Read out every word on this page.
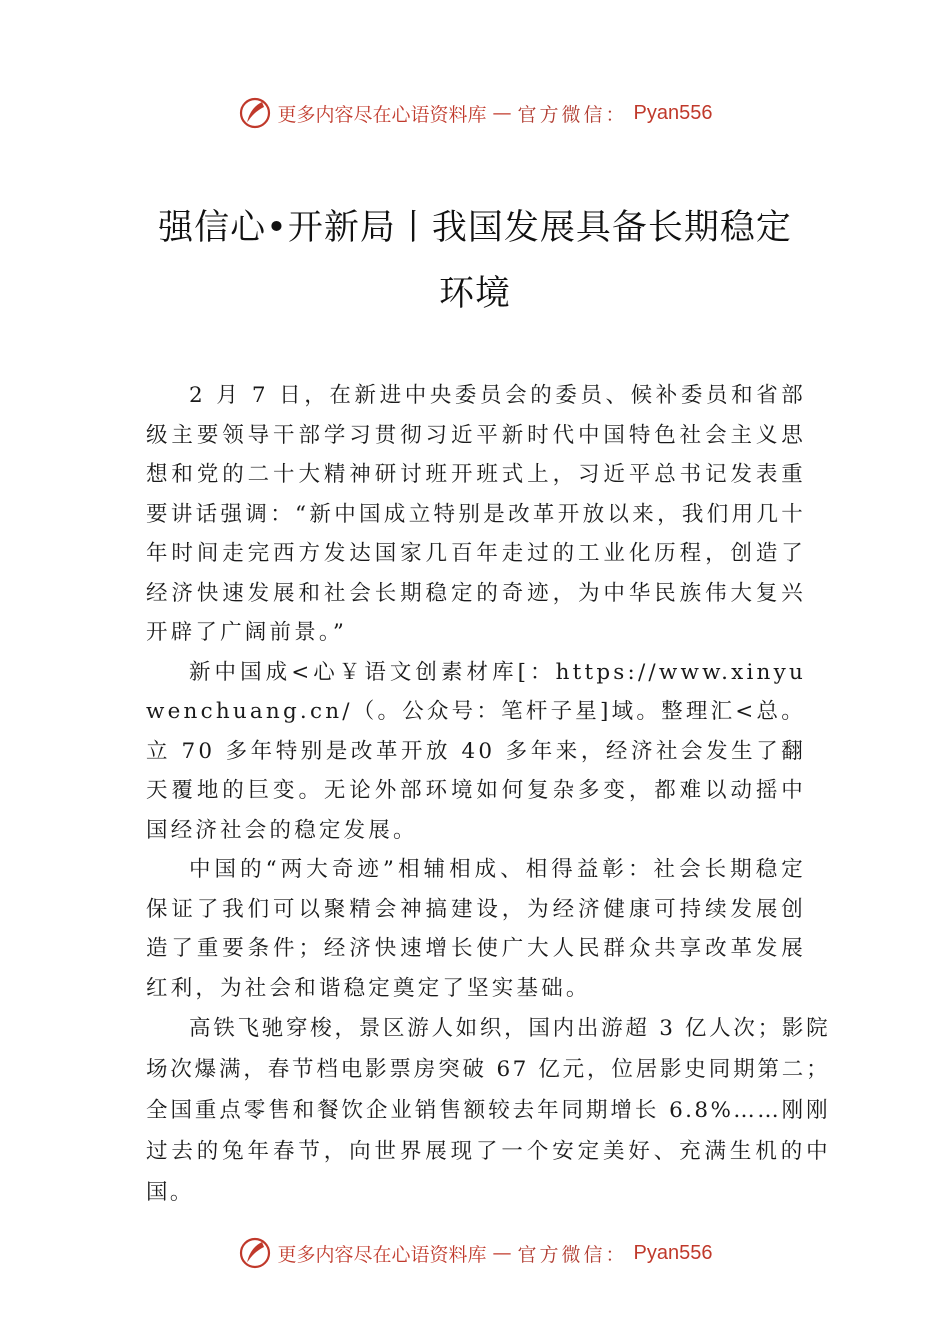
更多内容尽在心语资料库 — 官方微信： Pyan556
强信心•开新局丨我国发展具备长期稳定
环境

2 月 7 日，在新进中央委员会的委员、候补委员和省部级主要领导干部学习贯彻习近平新时代中国特色社会主义思想和党的二十大精神研讨班开班式上，习近平总书记发表重要讲话强调：“新中国成立特别是改革开放以来，我们用几十年时间走完西方发达国家几百年走过的工业化历程，创造了经济快速发展和社会长期稳定的奇迹，为中华民族伟大复兴开辟了广阔前景。”

新中国成<心￥语文创素材库[：https://www.xinyuwenchuang.cn/（。公众号：笔杆子星]域。整理汇<总。立 70 多年特别是改革开放 40 多年来，经济社会发生了翻天覆地的巨变。无论外部环境如何复杂多变，都难以动摇中国经济社会的稳定发展。

中国的“两大奇迹”相辅相成、相得益彰：社会长期稳定保证了我们可以聚精会神搞建设，为经济健康可持续发展创造了重要条件；经济快速增长使广大人民群众共享改革发展红利，为社会和谐稳定奠定了坚实基础。

高铁飞驰穿梭，景区游人如织，国内出游超 3 亿人次；影院场次爆满，春节档电影票房突破 67 亿元，位居影史同期第二； 全国重点零售和餐饮企业销售额较去年同期增长 6.8%……刚刚过去的兔年春节，向世界展现了一个安定美好、充满生机的中国。

更多内容尽在心语资料库 — 官方微信： Pyan556
